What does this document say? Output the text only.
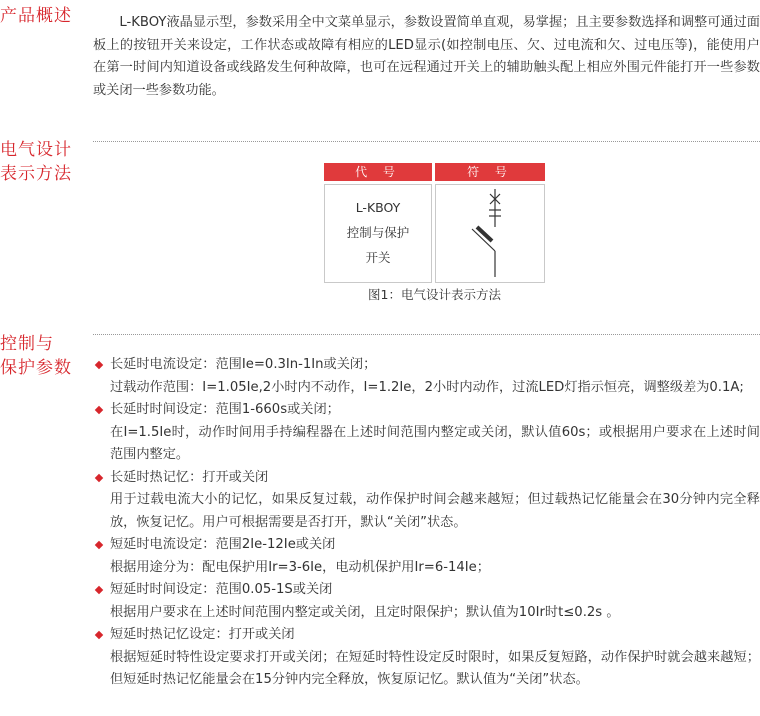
产品概述	L-KBOY液晶显示型，参数采用全中文菜单显示，参数设置简单直观，易掌握；且主要参数选择和调整可通过面板上的按钮开关来设定，工作状态或故障有相应的LED显示(如控制电压、欠、过电流和欠、过电压等)，能使用户在第一时间内知道设备或线路发生何种故障，也可在远程通过开关上的辅助触头配上相应外围元件能打开一些参数或关闭一些参数功能。

电气设计
表示方法	代 号	符 号
L-KBOY
控制与保护
开关
图1：电气设计表示方法
控制与
保护参数	长延时电流设定：范围Ie=0.3In-1In或关闭；
过载动作范围：I=1.05Ie,2小时内不动作，I=1.2Ie，2小时内动作，过流LED灯指示恒亮，调整级差为0.1A;
长延时时间设定：范围1-660s或关闭；
在I=1.5Ie时，动作时间用手持编程器在上述时间范围内整定或关闭，默认值60s；或根据用户要求在上述时间范围内整定。
长延时热记忆：打开或关闭
用于过载电流大小的记忆，如果反复过载，动作保护时间会越来越短；但过载热记忆能量会在30分钟内完全释放，恢复记忆。用户可根据需要是否打开，默认“关闭”状态。
短延时电流设定：范围2Ie-12Ie或关闭
根据用途分为：配电保护用Ir=3-6Ie，电动机保护用Ir=6-14Ie；
短延时时间设定：范围0.05-1S或关闭
根据用户要求在上述时间范围内整定或关闭，且定时限保护；默认值为10Ir时t≤0.2s 。
短延时热记忆设定：打开或关闭
根据短延时特性设定要求打开或关闭；在短延时特性设定反时限时，如果反复短路，动作保护时就会越来越短；但短延时热记忆能量会在15分钟内完全释放，恢复原记忆。默认值为“关闭”状态。
